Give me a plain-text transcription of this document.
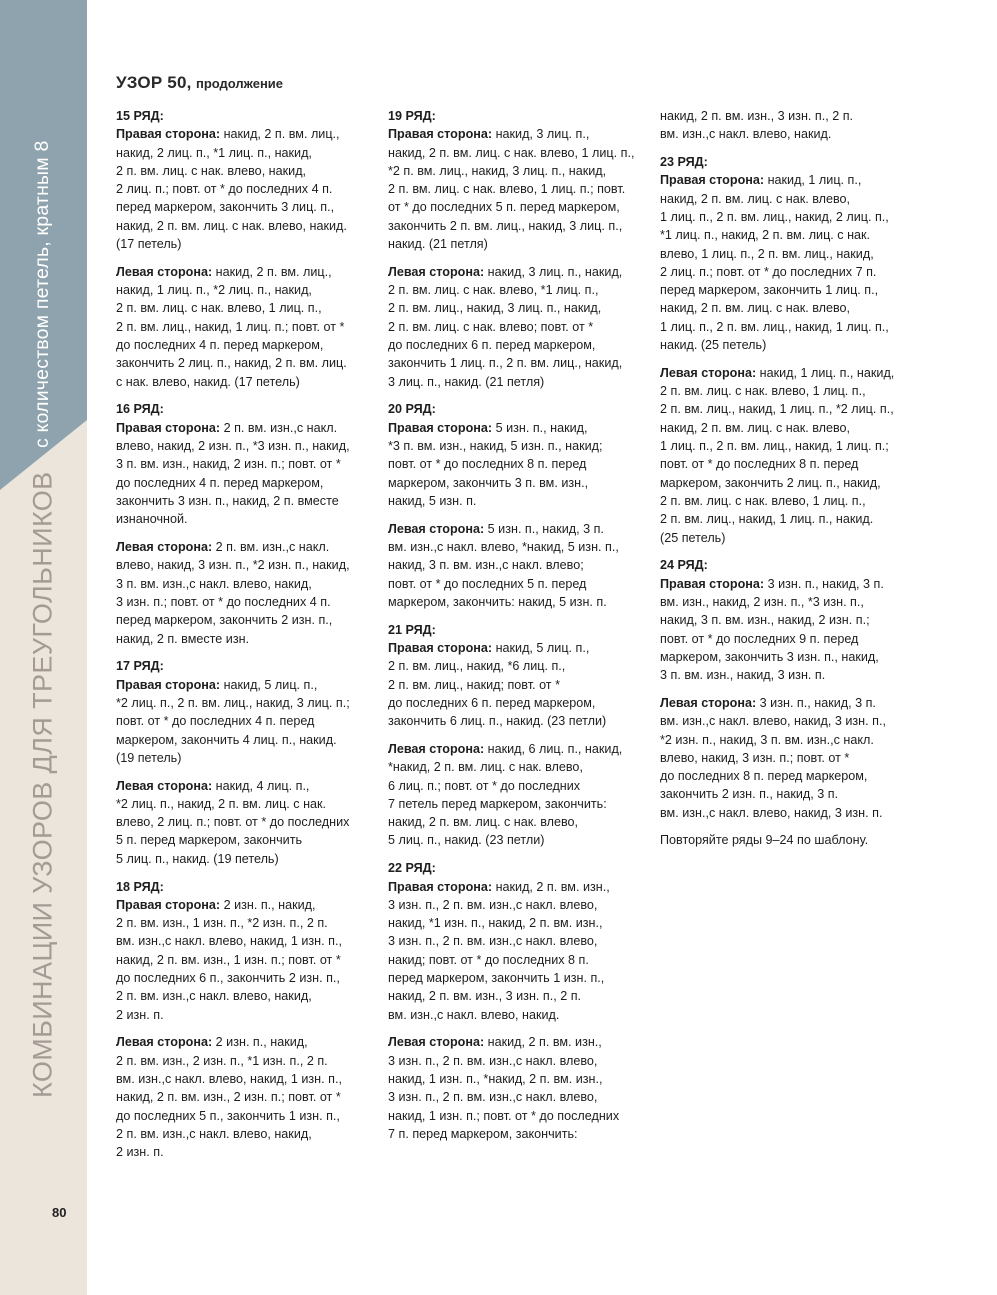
с количеством петель, кратным 8
КОМБИНАЦИИ УЗОРОВ ДЛЯ ТРЕУГОЛЬНИКОВ
80
УЗОР 50, продолжение
15 РЯД:
Правая сторона: накид, 2 п. вм. лиц.,
накид, 2 лиц. п., *1 лиц. п., накид,
2 п. вм. лиц. с нак. влево, накид,
2 лиц. п.; повт. от * до последних 4 п.
перед маркером, закончить 3 лиц. п.,
накид, 2 п. вм. лиц. с нак. влево, накид.
(17 петель)
Левая сторона: накид, 2 п. вм. лиц.,
накид, 1 лиц. п., *2 лиц. п., накид,
2 п. вм. лиц. с нак. влево, 1 лиц. п.,
2 п. вм. лиц., накид, 1 лиц. п.; повт. от *
до последних 4 п. перед маркером,
закончить 2 лиц. п., накид, 2 п. вм. лиц.
с нак. влево, накид. (17 петель)
16 РЯД:
Правая сторона: 2 п. вм. изн.,с накл.
влево, накид, 2 изн. п., *3 изн. п., накид,
3 п. вм. изн., накид, 2 изн. п.; повт. от *
до последних 4 п. перед маркером,
закончить 3 изн. п., накид, 2 п. вместе
изнаночной.
Левая сторона: 2 п. вм. изн.,с накл.
влево, накид, 3 изн. п., *2 изн. п., накид,
3 п. вм. изн.,с накл. влево, накид,
3 изн. п.; повт. от * до последних 4 п.
перед маркером, закончить 2 изн. п.,
накид, 2 п. вместе изн.
17 РЯД:
Правая сторона: накид, 5 лиц. п.,
*2 лиц. п., 2 п. вм. лиц., накид, 3 лиц. п.;
повт. от * до последних 4 п. перед
маркером, закончить 4 лиц. п., накид.
(19 петель)
Левая сторона: накид, 4 лиц. п.,
*2 лиц. п., накид, 2 п. вм. лиц. с нак.
влево, 2 лиц. п.; повт. от * до последних
5 п. перед маркером, закончить
5 лиц. п., накид. (19 петель)
18 РЯД:
Правая сторона: 2 изн. п., накид,
2 п. вм. изн., 1 изн. п., *2 изн. п., 2 п.
вм. изн.,с накл. влево, накид, 1 изн. п.,
накид, 2 п. вм. изн., 1 изн. п.; повт. от *
до последних 6 п., закончить 2 изн. п.,
2 п. вм. изн.,с накл. влево, накид,
2 изн. п.
Левая сторона: 2 изн. п., накид,
2 п. вм. изн., 2 изн. п., *1 изн. п., 2 п.
вм. изн.,с накл. влево, накид, 1 изн. п.,
накид, 2 п. вм. изн., 2 изн. п.; повт. от *
до последних 5 п., закончить 1 изн. п.,
2 п. вм. изн.,с накл. влево, накид,
2 изн. п.
19 РЯД:
Правая сторона: накид, 3 лиц. п.,
накид, 2 п. вм. лиц. с нак. влево, 1 лиц. п.,
*2 п. вм. лиц., накид, 3 лиц. п., накид,
2 п. вм. лиц. с нак. влево, 1 лиц. п.; повт.
от * до последних 5 п. перед маркером,
закончить 2 п. вм. лиц., накид, 3 лиц. п.,
накид. (21 петля)
Левая сторона: накид, 3 лиц. п., накид,
2 п. вм. лиц. с нак. влево, *1 лиц. п.,
2 п. вм. лиц., накид, 3 лиц. п., накид,
2 п. вм. лиц. с нак. влево; повт. от *
до последних 6 п. перед маркером,
закончить 1 лиц. п., 2 п. вм. лиц., накид,
3 лиц. п., накид. (21 петля)
20 РЯД:
Правая сторона: 5 изн. п., накид,
*3 п. вм. изн., накид, 5 изн. п., накид;
повт. от * до последних 8 п. перед
маркером, закончить 3 п. вм. изн.,
накид, 5 изн. п.
Левая сторона: 5 изн. п., накид, 3 п.
вм. изн.,с накл. влево, *накид, 5 изн. п.,
накид, 3 п. вм. изн.,с накл. влево;
повт. от * до последних 5 п. перед
маркером, закончить: накид, 5 изн. п.
21 РЯД:
Правая сторона: накид, 5 лиц. п.,
2 п. вм. лиц., накид, *6 лиц. п.,
2 п. вм. лиц., накид; повт. от *
до последних 6 п. перед маркером,
закончить 6 лиц. п., накид. (23 петли)
Левая сторона: накид, 6 лиц. п., накид,
*накид, 2 п. вм. лиц. с нак. влево,
6 лиц. п.; повт. от * до последних
7 петель перед маркером, закончить:
накид, 2 п. вм. лиц. с нак. влево,
5 лиц. п., накид. (23 петли)
22 РЯД:
Правая сторона: накид, 2 п. вм. изн.,
3 изн. п., 2 п. вм. изн.,с накл. влево,
накид, *1 изн. п., накид, 2 п. вм. изн.,
3 изн. п., 2 п. вм. изн.,с накл. влево,
накид; повт. от * до последних 8 п.
перед маркером, закончить 1 изн. п.,
накид, 2 п. вм. изн., 3 изн. п., 2 п.
вм. изн.,с накл. влево, накид.
Левая сторона: накид, 2 п. вм. изн.,
3 изн. п., 2 п. вм. изн.,с накл. влево,
накид, 1 изн. п., *накид, 2 п. вм. изн.,
3 изн. п., 2 п. вм. изн.,с накл. влево,
накид, 1 изн. п.; повт. от * до последних
7 п. перед маркером, закончить:
накид, 2 п. вм. изн., 3 изн. п., 2 п.
вм. изн.,с накл. влево, накид.
23 РЯД:
Правая сторона: накид, 1 лиц. п.,
накид, 2 п. вм. лиц. с нак. влево,
1 лиц. п., 2 п. вм. лиц., накид, 2 лиц. п.,
*1 лиц. п., накид, 2 п. вм. лиц. с нак.
влево, 1 лиц. п., 2 п. вм. лиц., накид,
2 лиц. п.; повт. от * до последних 7 п.
перед маркером, закончить 1 лиц. п.,
накид, 2 п. вм. лиц. с нак. влево,
1 лиц. п., 2 п. вм. лиц., накид, 1 лиц. п.,
накид. (25 петель)
Левая сторона: накид, 1 лиц. п., накид,
2 п. вм. лиц. с нак. влево, 1 лиц. п.,
2 п. вм. лиц., накид, 1 лиц. п., *2 лиц. п.,
накид, 2 п. вм. лиц. с нак. влево,
1 лиц. п., 2 п. вм. лиц., накид, 1 лиц. п.;
повт. от * до последних 8 п. перед
маркером, закончить 2 лиц. п., накид,
2 п. вм. лиц. с нак. влево, 1 лиц. п.,
2 п. вм. лиц., накид, 1 лиц. п., накид.
(25 петель)
24 РЯД:
Правая сторона: 3 изн. п., накид, 3 п.
вм. изн., накид, 2 изн. п., *3 изн. п.,
накид, 3 п. вм. изн., накид, 2 изн. п.;
повт. от * до последних 9 п. перед
маркером, закончить 3 изн. п., накид,
3 п. вм. изн., накид, 3 изн. п.
Левая сторона: 3 изн. п., накид, 3 п.
вм. изн.,с накл. влево, накид, 3 изн. п.,
*2 изн. п., накид, 3 п. вм. изн.,с накл.
влево, накид, 3 изн. п.; повт. от *
до последних 8 п. перед маркером,
закончить 2 изн. п., накид, 3 п.
вм. изн.,с накл. влево, накид, 3 изн. п.
Повторяйте ряды 9–24 по шаблону.
